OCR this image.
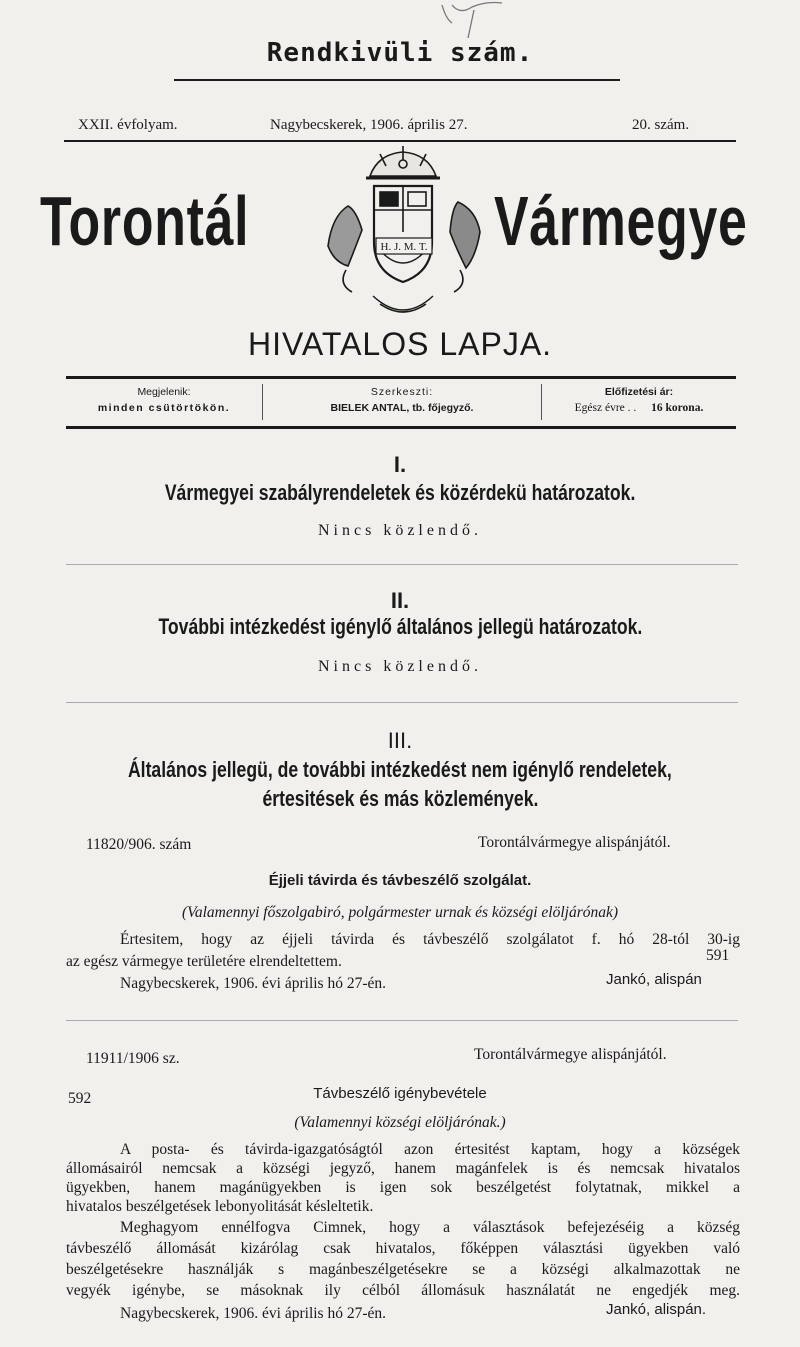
Rendkivüli szám.
XXII. évfolyam.	Nagybecskerek, 1906. április 27.	20. szám.
Torontál	Vármegye
H. J. M. T.
HIVATALOS LAPJA.
Megjelenik:
minden csütörtökön.
Szerkeszti:
BIELEK ANTAL, tb. főjegyző.
Előfizetési ár:
Egész évre . . 16 korona.
I.
Vármegyei szabályrendeletek és közérdekü határozatok.
Nincs közlendő.
II.
További intézkedést igénylő általános jellegü határozatok.
Nincs közlendő.
III.
Általános jellegü, de további intézkedést nem igénylő rendeletek,
értesitések és más közlemények.
11820/906. szám	Torontálvármegye alispánjától.
Éjjeli távirda és távbeszélő szolgálat.
(Valamennyi főszolgabiró, polgármester urnak és községi elöljárónak)
Értesitem, hogy az éjjeli távirda és távbeszélő szolgálatot f. hó 28-tól 30-ig
az egész vármegye területére elrendeltettem.	591
Nagybecskerek, 1906. évi április hó 27-én.	Jankó, alispán
11911/1906 sz.	Torontálvármegye alispánjától.
592	Távbeszélő igénybevétele
(Valamennyi községi elöljárónak.)
A posta- és távirda-igazgatóságtól azon értesitést kaptam, hogy a községek
állomásairól nemcsak a községi jegyző, hanem magánfelek is és nemcsak hivatalos
ügyekben, hanem magánügyekben is igen sok beszélgetést folytatnak, mikkel a
hivatalos beszélgetések lebonyolitását késleltetik.
Meghagyom ennélfogva Cimnek, hogy a választások befejezéséig a község
távbeszélő állomását kizárólag csak hivatalos, főképpen választási ügyekben való
beszélgetésekre használják s magánbeszélgetésekre se a községi alkalmazottak ne
vegyék igénybe, se másoknak ily célból állomásuk használatát ne engedjék meg.
Nagybecskerek, 1906. évi április hó 27-én.	Jankó, alispán.
